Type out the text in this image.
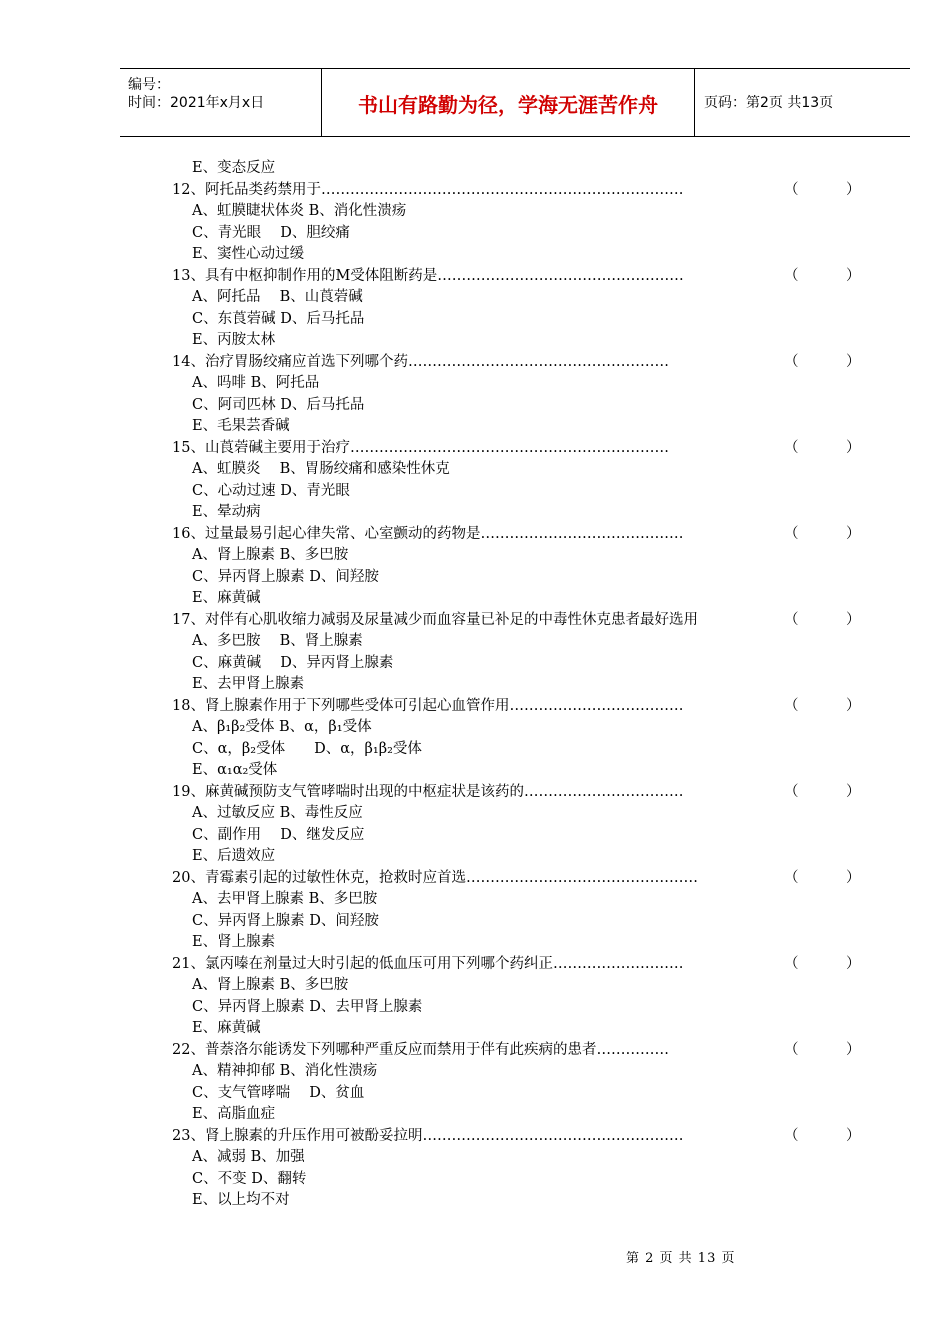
编号：
时间：2021年x月x日	书山有路勤为径，学海无涯苦作舟	页码：第2页 共13页
E、变态反应
12、阿托品类药禁用于…………………………………………………………………	（	）
A、虹膜睫状体炎 B、消化性溃疡
C、青光眼　 D、胆绞痛
E、窦性心动过缓
13、具有中枢抑制作用的M受体阻断药是……………………………………………	（	）
A、阿托品　 B、山莨菪碱
C、东莨菪碱 D、后马托品
E、丙胺太林
14、治疗胃肠绞痛应首选下列哪个药………………………………………………	（	）
A、吗啡 B、阿托品
C、阿司匹林 D、后马托品
E、毛果芸香碱
15、山莨菪碱主要用于治疗…………………………………………………………	（	）
A、虹膜炎　 B、胃肠绞痛和感染性休克
C、心动过速 D、青光眼
E、晕动病
16、过量最易引起心律失常、心室颤动的药物是……………………………………	（	）
A、肾上腺素 B、多巴胺
C、异丙肾上腺素 D、间羟胺
E、麻黄碱
17、对伴有心肌收缩力减弱及尿量减少而血容量已补足的中毒性休克患者最好选用	（	）
A、多巴胺　 B、肾上腺素
C、麻黄碱　 D、异丙肾上腺素
E、去甲肾上腺素
18、肾上腺素作用于下列哪些受体可引起心血管作用………………………………	（	）
A、β₁β₂受体 B、α，β₁受体
C、α，β₂受体　　D、α，β₁β₂受体
E、α₁α₂受体
19、麻黄碱预防支气管哮喘时出现的中枢症状是该药的……………………………	（	）
A、过敏反应 B、毒性反应
C、副作用　 D、继发反应
E、后遗效应
20、青霉素引起的过敏性休克，抢救时应首选…………………………………………	（	）
A、去甲肾上腺素 B、多巴胺
C、异丙肾上腺素 D、间羟胺
E、肾上腺素
21、氯丙嗪在剂量过大时引起的低血压可用下列哪个药纠正………………………	（	）
A、肾上腺素 B、多巴胺
C、异丙肾上腺素 D、去甲肾上腺素
E、麻黄碱
22、普萘洛尔能诱发下列哪种严重反应而禁用于伴有此疾病的患者……………	（	）
A、精神抑郁 B、消化性溃疡
C、支气管哮喘　 D、贫血
E、高脂血症
23、肾上腺素的升压作用可被酚妥拉明………………………………………………	（	）
A、减弱 B、加强
C、不变 D、翻转
E、以上均不对
第 2 页 共 13 页
